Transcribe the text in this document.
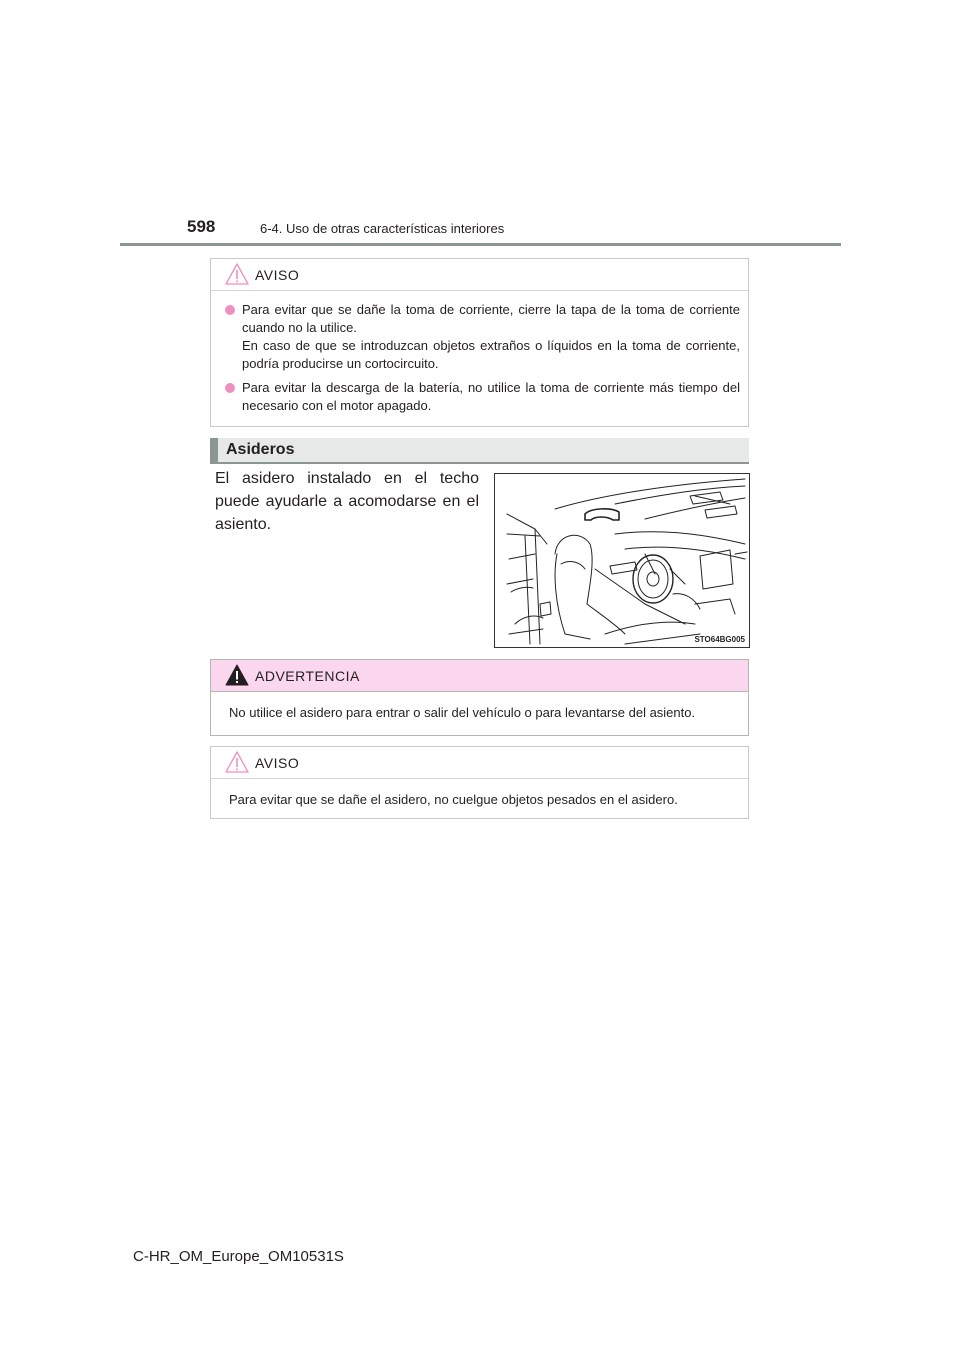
598	6-4. Uso de otras características interiores
AVISO

Para evitar que se dañe la toma de corriente, cierre la tapa de la toma de corriente cuando no la utilice.

En caso de que se introduzcan objetos extraños o líquidos en la toma de corriente, podría producirse un cortocircuito.

Para evitar la descarga de la batería, no utilice la toma de corriente más tiempo del necesario con el motor apagado.

Asideros
El asidero instalado en el techo puede ayudarle a acomodarse en el asiento.
STO64BG005
ADVERTENCIA
No utilice el asidero para entrar o salir del vehículo o para levantarse del asiento.
AVISO
Para evitar que se dañe el asidero, no cuelgue objetos pesados en el asidero.
C-HR_OM_Europe_OM10531S
